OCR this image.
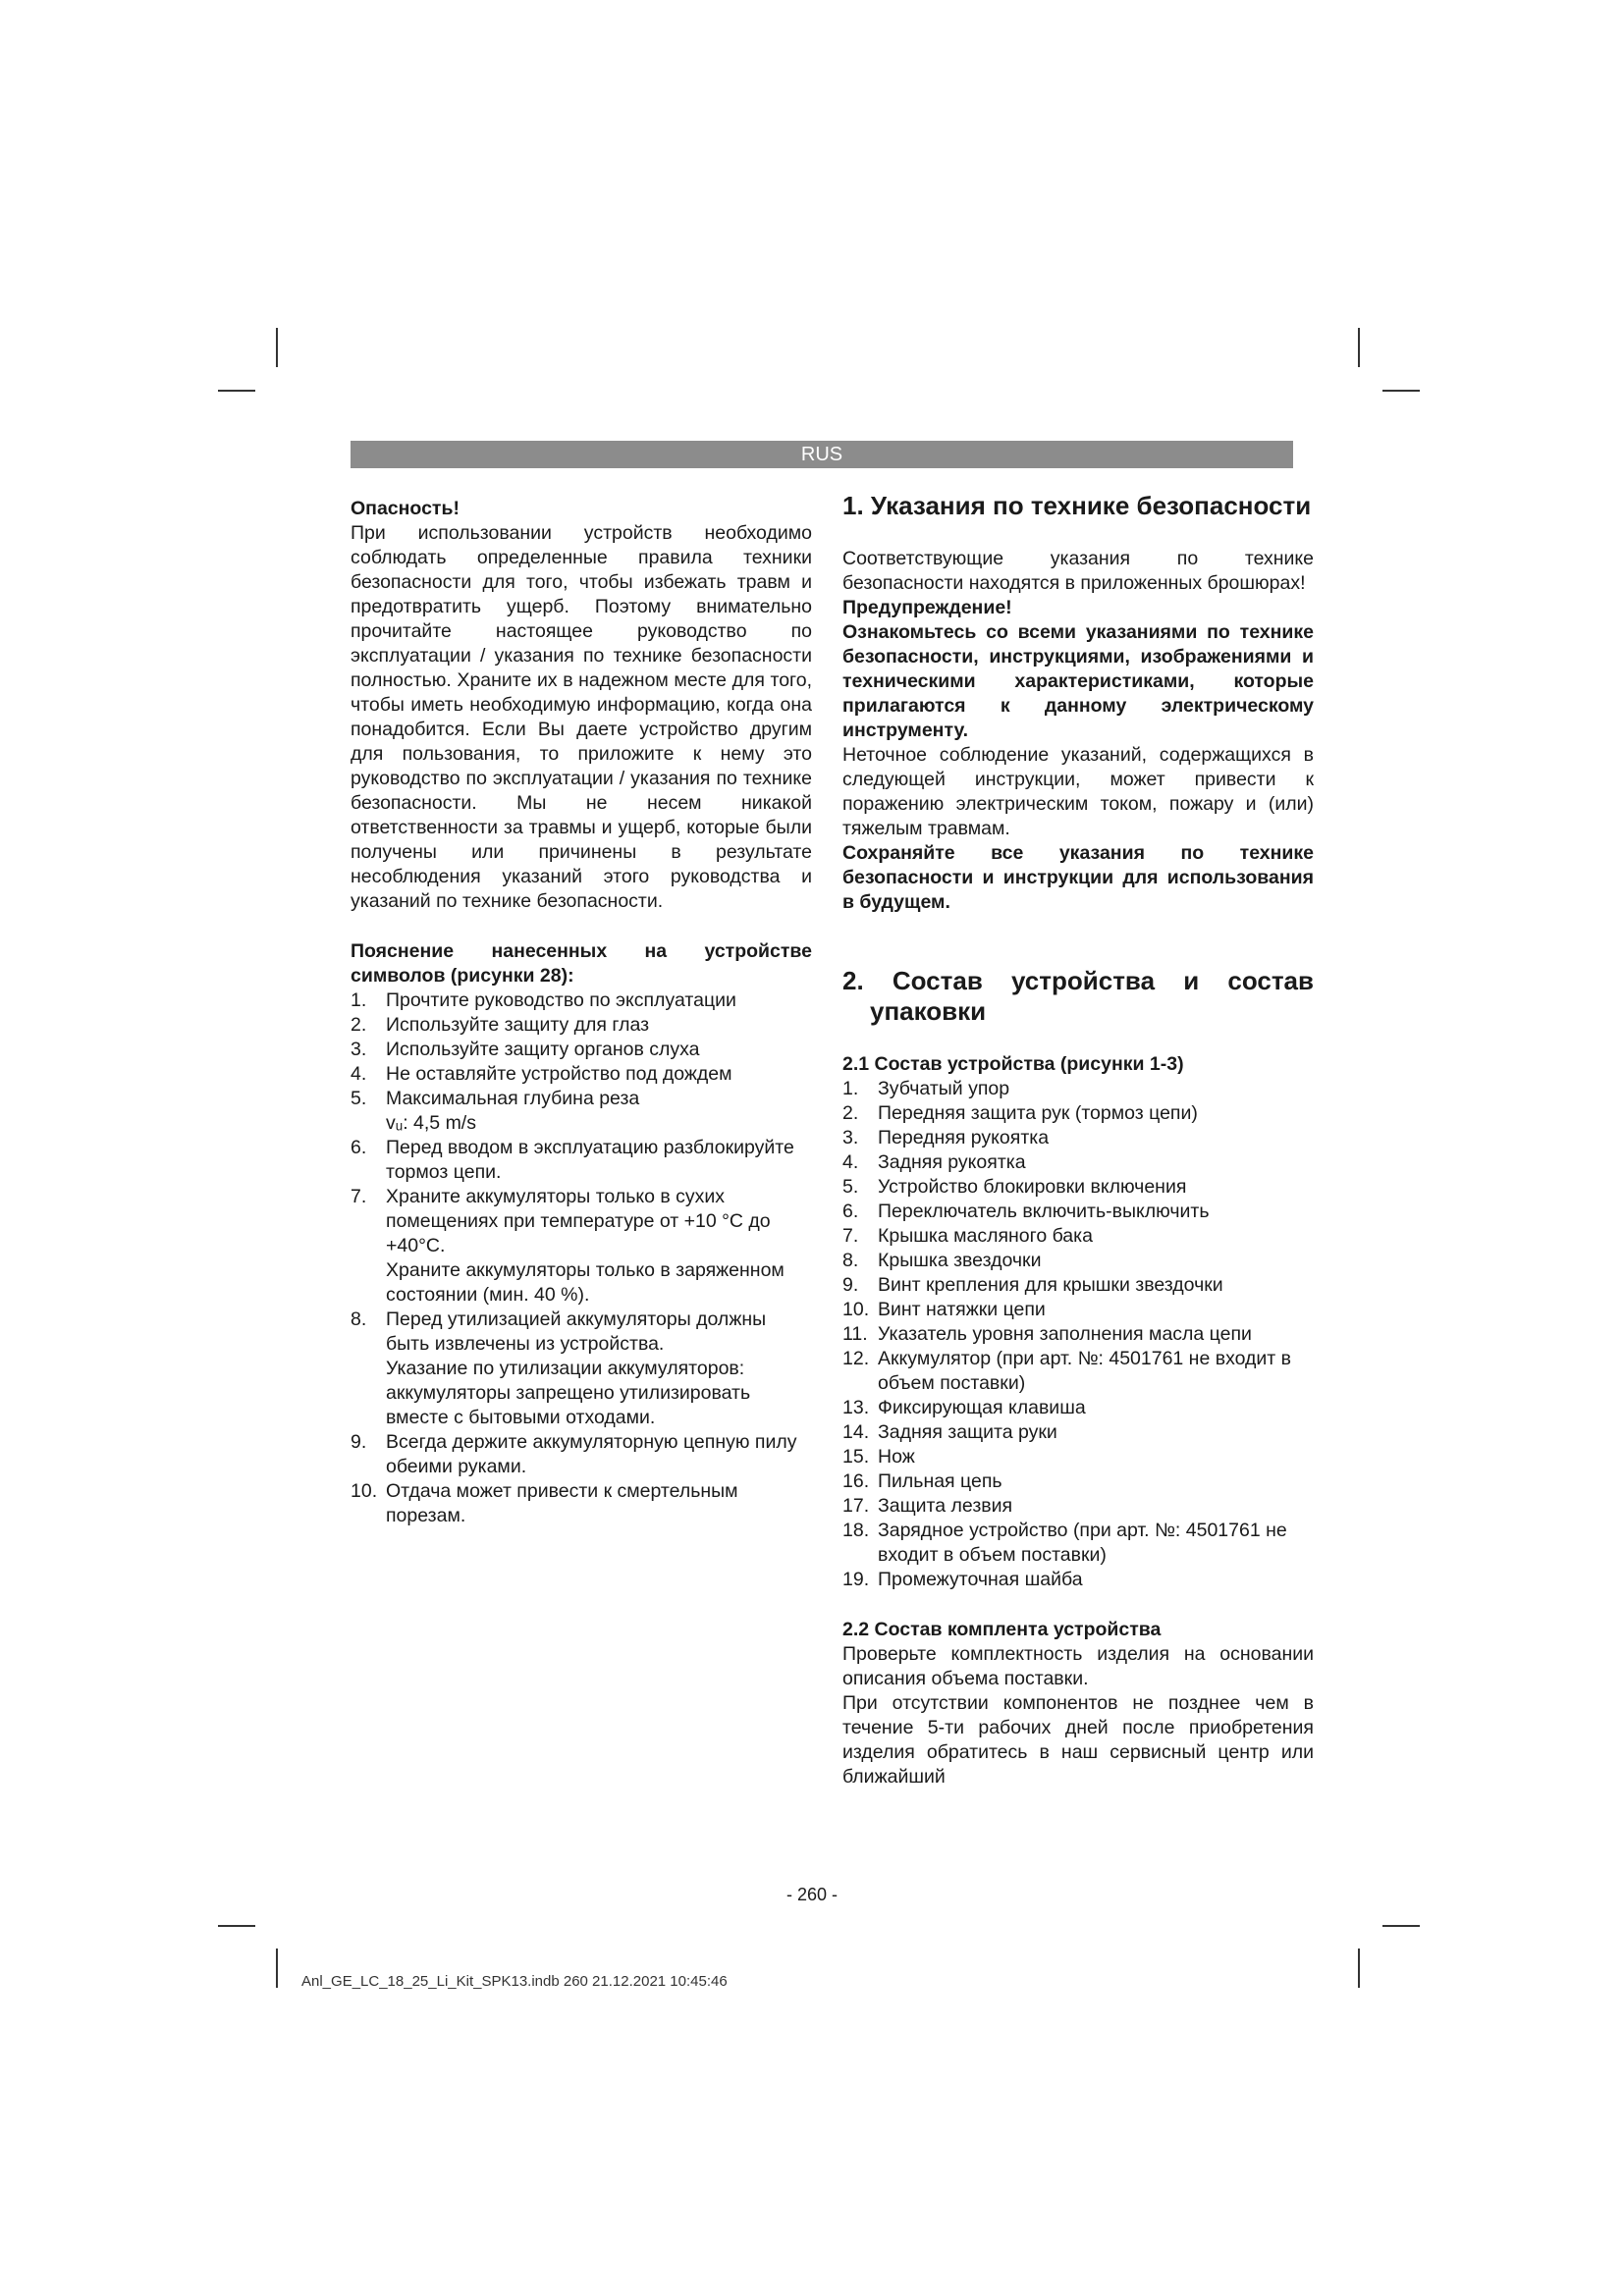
RUS

Опасность!

При использовании устройств необходимо соблюдать определенные правила техники безопасности для того, чтобы избежать травм и предотвратить ущерб. Поэтому внимательно прочитайте настоящее руководство по эксплуатации / указания по технике безопасности полностью. Храните их в надежном месте для того, чтобы иметь необходимую информацию, когда она понадобится. Если Вы даете устройство другим для пользования, то приложите к нему это руководство по эксплуатации / указания по технике безопасности. Мы не несем никакой ответственности за травмы и ущерб, которые были получены или причинены в результате несоблюдения указаний этого руководства и указаний по технике безопасности.

Пояснение нанесенных на устройстве символов (рисунки 28):

1. Прочтите руководство по эксплуатации
2. Используйте защиту для глаз
3. Используйте защиту органов слуха
4. Не оставляйте устройство под дождем
5. Максимальная глубина реза
vᵤ: 4,5 m/s
6. Перед вводом в эксплуатацию разблокируйте тормоз цепи.
7. Храните аккумуляторы только в сухих помещениях при температуре от +10 °C до +40°C.
Храните аккумуляторы только в заряженном состоянии (мин. 40 %).
8. Перед утилизацией аккумуляторы должны быть извлечены из устройства.
Указание по утилизации аккумуляторов: аккумуляторы запрещено утилизировать вместе с бытовыми отходами.
9. Всегда держите аккумуляторную цепную пилу обеими руками.
10. Отдача может привести к смертельным порезам.

1. Указания по технике безопасности

Соответствующие указания по технике безопасности находятся в приложенных брошюрах!

Предупреждение!

Ознакомьтесь со всеми указаниями по технике безопасности, инструкциями, изображениями и техническими характеристиками, которые прилагаются к данному электрическому инструменту.

Неточное соблюдение указаний, содержащихся в следующей инструкции, может привести к поражению электрическим током, пожару и (или) тяжелым травмам.

Сохраняйте все указания по технике безопасности и инструкции для использования в будущем.

2. Состав устройства и состав упаковки

2.1 Состав устройства (рисунки 1-3)

1. Зубчатый упор
2. Передняя защита рук (тормоз цепи)
3. Передняя рукоятка
4. Задняя рукоятка
5. Устройство блокировки включения
6. Переключатель включить-выключить
7. Крышка масляного бака
8. Крышка звездочки
9. Винт крепления для крышки звездочки
10. Винт натяжки цепи
11. Указатель уровня заполнения масла цепи
12. Аккумулятор (при арт. №: 4501761 не входит в объем поставки)
13. Фиксирующая клавиша
14. Задняя защита руки
15. Нож
16. Пильная цепь
17. Защита лезвия
18. Зарядное устройство (при арт. №: 4501761 не входит в объем поставки)
19. Промежуточная шайба

2.2 Состав комплента устройства

Проверьте комплектность изделия на основании описания объема поставки.

При отсутствии компонентов не позднее чем в течение 5-ти рабочих дней после приобретения изделия обратитесь в наш сервисный центр или ближайший

- 260 -
Anl_GE_LC_18_25_Li_Kit_SPK13.indb 260 21.12.2021 10:45:46
